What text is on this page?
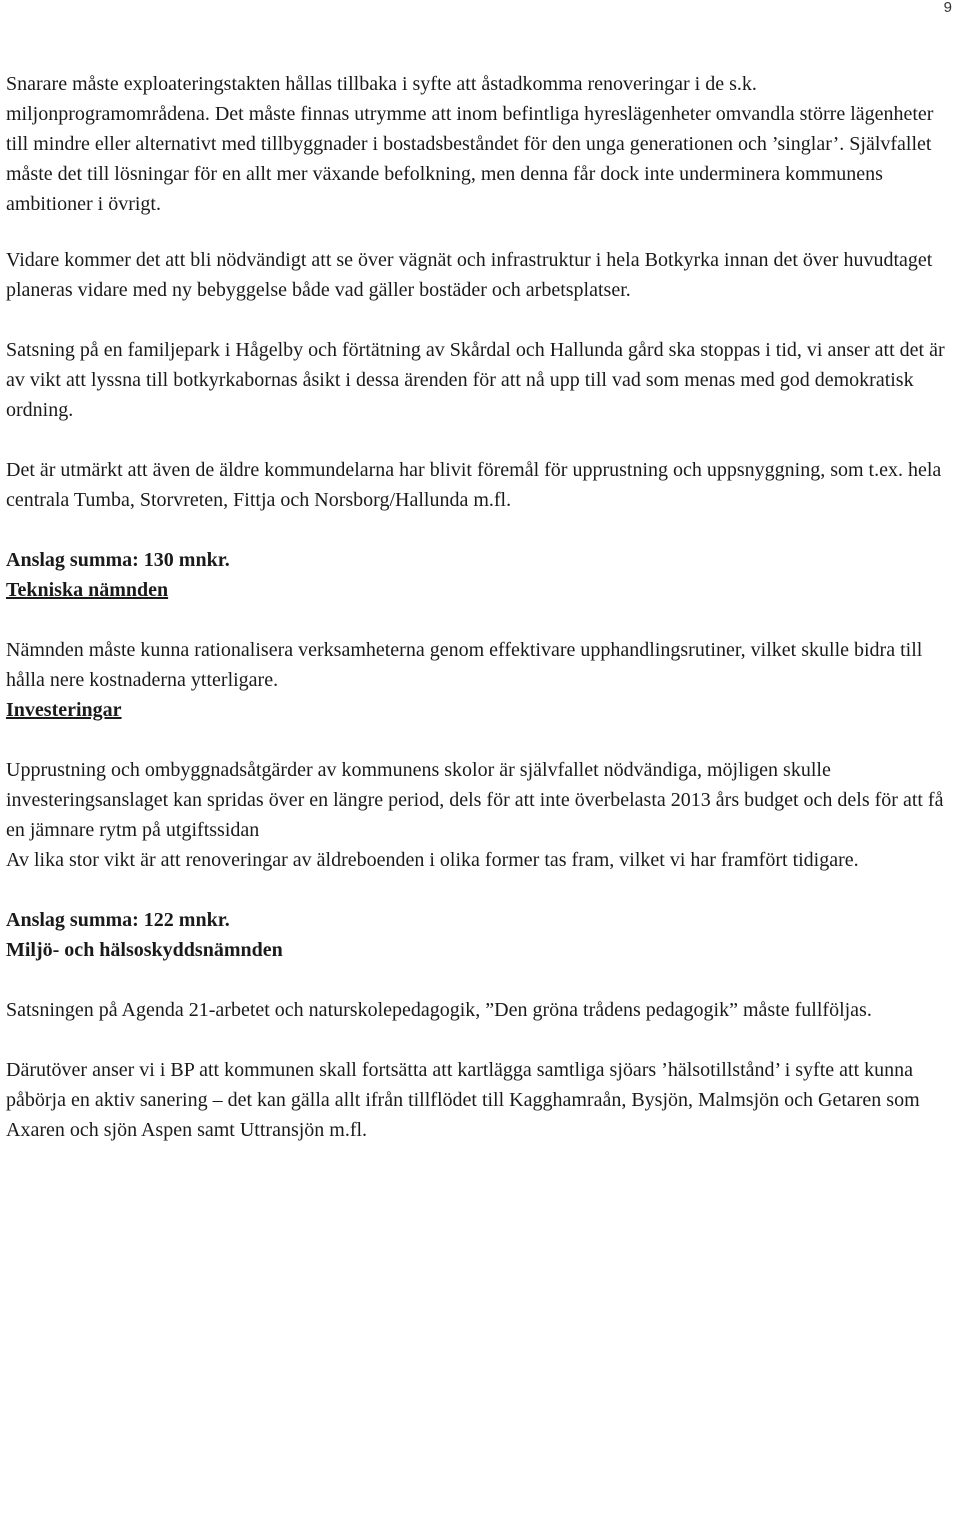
9

Snarare måste exploateringstakten hållas tillbaka i syfte att åstadkomma renoveringar i de s.k. miljonprogramområdena. Det måste finnas utrymme att inom befintliga hyreslägenheter omvandla större lägenheter till mindre eller alternativt med tillbyggnader i bostadsbeståndet för den unga generationen och ’singlar’. Självfallet måste det till lösningar för en allt mer växande befolkning, men denna får dock inte underminera kommunens ambitioner i övrigt.

Vidare kommer det att bli nödvändigt att se över vägnät och infrastruktur i hela Botkyrka innan det över huvudtaget planeras vidare med ny bebyggelse både vad gäller bostäder och arbetsplatser.

Satsning på en familjepark i Hågelby och förtätning av Skårdal och Hallunda gård ska stoppas i tid, vi anser att det är av vikt att lyssna till botkyrkabornas åsikt i dessa ärenden för att nå upp till vad som menas med god demokratisk ordning.

Det är utmärkt att även de äldre kommundelarna har blivit föremål för upprustning och uppsnyggning, som t.ex. hela centrala Tumba, Storvreten, Fittja och Norsborg/Hallunda m.fl.

Anslag summa: 130 mnkr.

Tekniska nämnden

Nämnden måste kunna rationalisera verksamheterna genom effektivare upphandlingsrutiner, vilket skulle bidra till hålla nere kostnaderna ytterligare.

Investeringar

Upprustning och ombyggnadsåtgärder av kommunens skolor är självfallet nödvändiga, möjligen skulle investeringsanslaget kan spridas över en längre period, dels för att inte överbelasta 2013 års budget och dels för att få en jämnare rytm på utgiftssidan

Av lika stor vikt är att renoveringar av äldreboenden i olika former tas fram, vilket vi har framfört tidigare.

Anslag summa: 122 mnkr.

Miljö- och hälsoskyddsnämnden

Satsningen på Agenda 21-arbetet och naturskolepedagogik, ”Den gröna trådens pedagogik” måste fullföljas.

Därutöver anser vi i BP att kommunen skall fortsätta att kartlägga samtliga sjöars ’hälsotillstånd’ i syfte att kunna påbörja en aktiv sanering – det kan gälla allt ifrån tillflödet till Kagghamraån, Bysjön, Malmsjön och Getaren som Axaren och sjön Aspen samt Uttransjön m.fl.
